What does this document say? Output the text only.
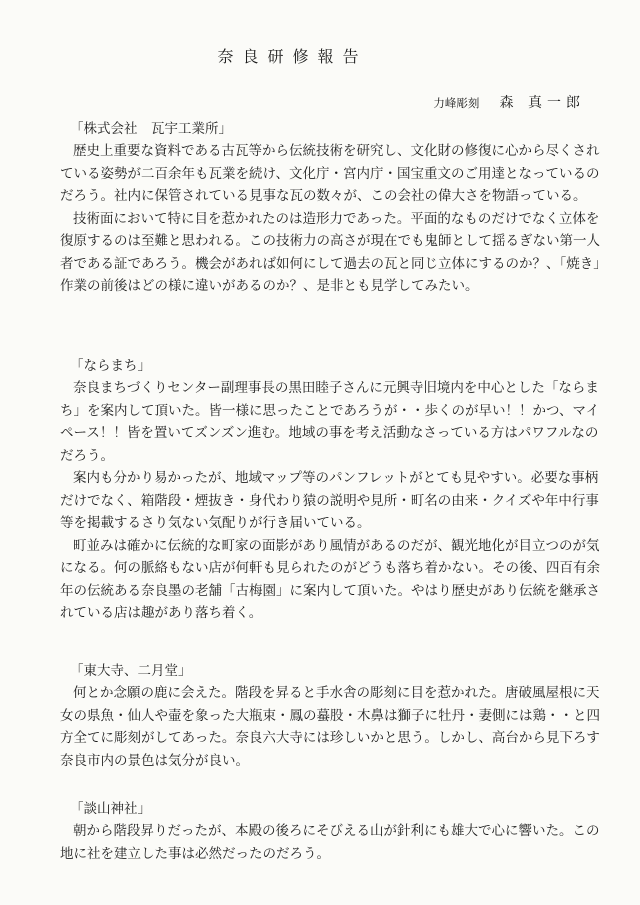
奈良研修報告
力峰彫刻 森 真一郎
「株式会社　瓦宇工業所」

歴史上重要な資料である古瓦等から伝統技術を研究し、文化財の修復に心から尽くされている姿勢が二百余年も瓦業を続け、文化庁・宮内庁・国宝重文のご用達となっているのだろう。社内に保管されている見事な瓦の数々が、この会社の偉大さを物語っている。

技術面において特に目を惹かれたのは造形力であった。平面的なものだけでなく立体を復原するのは至難と思われる。この技術力の高さが現在でも鬼師として揺るぎない第一人者である証であろう。機会があれば如何にして過去の瓦と同じ立体にするのか？、「焼き」作業の前後はどの様に違いがあるのか？、是非とも見学してみたい。

「ならまち」

奈良まちづくりセンター副理事長の黒田睦子さんに元興寺旧境内を中心とした「ならまち」を案内して頂いた。皆一様に思ったことであろうが・・歩くのが早い！！かつ、マイペース！！皆を置いてズンズン進む。地域の事を考え活動なさっている方はパワフルなのだろう。

案内も分かり易かったが、地域マップ等のパンフレットがとても見やすい。必要な事柄だけでなく、箱階段・煙抜き・身代わり猿の説明や見所・町名の由来・クイズや年中行事等を掲載するさり気ない気配りが行き届いている。

町並みは確かに伝統的な町家の面影があり風情があるのだが、観光地化が目立つのが気になる。何の脈絡もない店が何軒も見られたのがどうも落ち着かない。その後、四百有余年の伝統ある奈良墨の老舗「古梅園」に案内して頂いた。やはり歴史があり伝統を継承されている店は趣があり落ち着く。

「東大寺、二月堂」

何とか念願の鹿に会えた。階段を昇ると手水舎の彫刻に目を惹かれた。唐破風屋根に天女の県魚・仙人や壷を象った大瓶束・鳳の蟇股・木鼻は獅子に牡丹・妻側には鶏・・と四方全てに彫刻がしてあった。奈良六大寺には珍しいかと思う。しかし、高台から見下ろす奈良市内の景色は気分が良い。

「談山神社」

朝から階段昇りだったが、本殿の後ろにそびえる山が針利にも雄大で心に響いた。この地に社を建立した事は必然だったのだろう。
